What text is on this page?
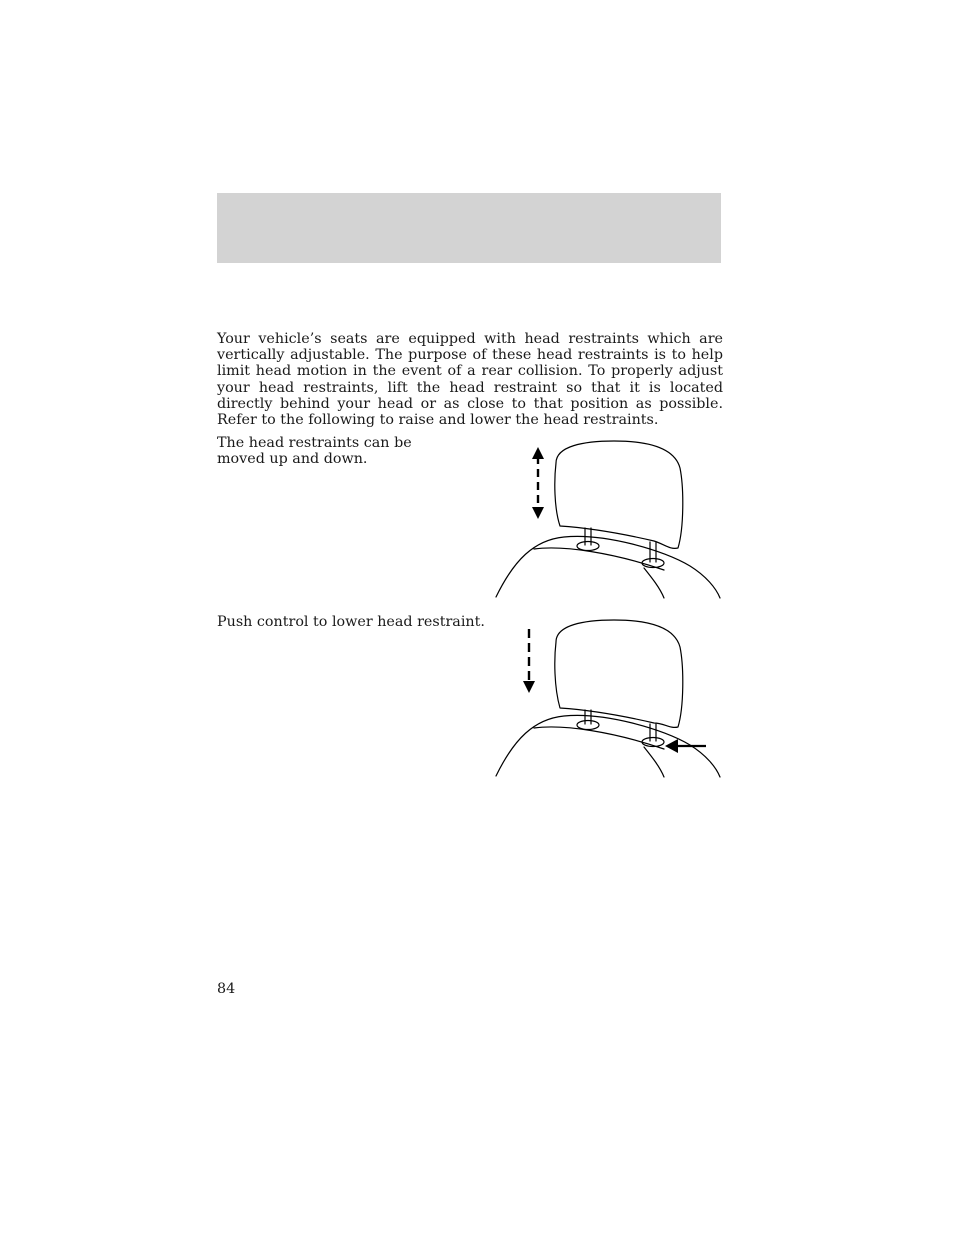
Your vehicle’s seats are equipped with head restraints which are vertically adjustable. The purpose of these head restraints is to help limit head motion in the event of a rear collision. To properly adjust your head restraints, lift the head restraint so that it is located directly behind your head or as close to that position as possible. Refer to the following to raise and lower the head restraints.

The head restraints can be moved up and down.

Push control to lower head restraint.

84
